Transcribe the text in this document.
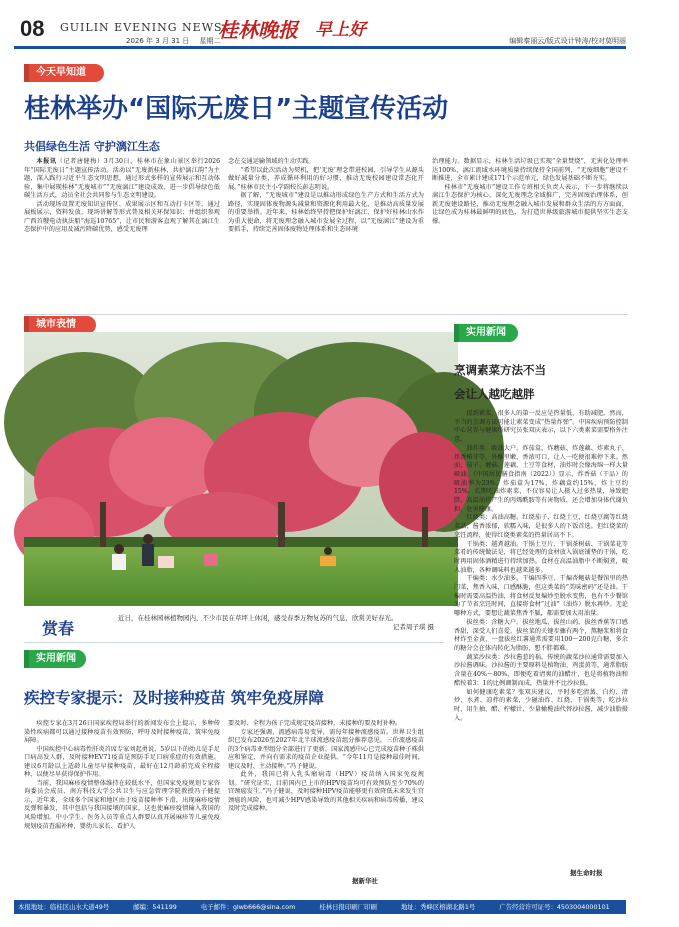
08 GUILIN EVENING NEWS
桂林晚报 早上好
2026 年 3 月 31 日 星期二	编辑秦丽云/版式设计钟涛/校对莫明丽
今天早知道
桂林举办“国际无废日”主题宣传活动
共倡绿色生活 守护漓江生态

本报讯（记者唐健梅）3月30日，桂林市在象山景区举行2026年“国际无废日”主题宣传活动。活动以“无废新桂林，共护漓江韵”为主题，深入践行习近平生态文明思想，通过形式多样的宣传展示和互动体验，集中展现桂林“无废城市”“无废漓江”建设成效，进一步倡导绿色低碳生活方式，动员全社会共同参与生态文明建设。

活动现场设置无废知识宣传区、成果展示区和互动打卡区等，通过展板展示、资料发放、现场讲解等形式普及相关环保知识；并组织参观广西首艘电动执法船“海巡10765”，让市民和游客直观了解其在漓江生态保护中的应用及减污降碳优势，感受无废理

念在交通运输领域的生动实践。

“希望以此次活动为契机，把‘无废’理念带进校园，引导学生从源头做好减量分类，养成循环利用的好习惯，推动无废校园建设常态化开展。”桂林市民主小学副校长彭志明说。

据了解，“无废城市”建设是以推动形成绿色生产方式和生活方式为路径，实现固体废物源头减量和资源化利用最大化，是推动高质量发展的重要举措。近年来，桂林始终坚持把保护好漓江、保护好桂林山水作为重大使命，将无废理念融入城市发展全过程，以“无废漓江”建设为重要抓手，持续完善固体废物处理体系和生态环境

治理能力。数据显示，桂林生活垃圾已实现“全量焚烧”，无害化处理率达100%，漓江流域水环境质量持续保持全国前列，“无废细胞”建设不断推进，全市累计建成171个示范单元，绿色发展基础不断夯实。

桂林市“无废城市”建设工作专班相关负责人表示，下一步将继续以漓江生态保护为核心，深化无废理念全域推广，完善固废治理体系，创新无废建设路径，推动无废理念融入城市发展和群众生活的方方面面，让绿色成为桂林最鲜明的底色，为打造世界级旅游城市提供坚实生态支撑。

城市表情
赏春
近日，在桂林园林植物园内，不少市民在草坪上休闲，感受春季万物复苏的气息，欣赏美好春光。
记者周子琪 摄
实用新闻
烹调素菜方法不当
会让人越吃越胖

提到素菜，很多人的第一反应是热量低，有助减肥。然而，不当的烹调方法可能让素菜变成“热量炸弹”。中国疾病预防控制中心营养与健康所研究员张双庆表示，以下六类素菜需要格外注意。

油炸类：吸油大户。炸茄盒、炸蘑菇、炸莲藕、炸素丸子、炸香椿芽等，外酥里嫩、香浓可口，让人一吃便很难停下来。然而，茄子、蘑菇、莲藕、土豆等食材，油炸时会像海绵一样大量吸油。《中国居民膳食指南（2022）》显示，炸香菇（干品）的吸油率为23%，炸茄盒为17%，炸藕盒约15%，炸土豆约15%。长期吃油炸素菜，不仅容易让人摄入过多热量，导致肥胖，高温油炸产生的丙烯酰胺等有害物质，还会增加身体代谢负担，危害健康。

红烧类：高油高糖。红烧茄子、红烧土豆、红烧豆腐等红烧菜品，酱香浓郁，软糯入味，是很多人的下饭首选。但红烧菜的烹饪流程，使得红烧类素菜的热量居高不下。

干锅类：越煮越油。干锅土豆片、干锅茶树菇、干锅菜花等菜肴的传统做法是，将已经处理的食材放入锅底铺垫的干锅，吃时再用固体酒精进行持续加热。食材在高温油脂中不断焖煮，吸入油脂，各种调味料也越来越多。

干煸类：水少油多。干煸四季豆、干煸杏鲍菇是餐馆里的热门菜，焦香入味，口感酥脆，但这类菜的“美味密码”还是油。干煸时需要高温热油，将食材反复煸炒至脱水变焦，也有不少餐馆为了节省烹饪时间，直接将食材“过油”（油炸）脱水再炒。无论哪种方式，要想让蔬菜焦香不腻，都需要加大用油量。

拔丝类：含糖大户。拔丝地瓜、拔丝山药、拔丝香蕉等口感香甜，深受人们喜爱。拔丝菜的关键步骤有两个，熬糖浆和将食材炸至金黄，一盘拔丝红薯通常需要用100～200克白糖，多余的糖分会在体内转化为脂肪，想不胖都难。

蔬菜沙拉类：沙拉酱惹的祸。传统的蔬菜沙拉通常需要加入沙拉酱调味。沙拉酱的主要原料是植物油、鸡蛋黄等，通常脂肪含量在40%～80%，即便吃着清爽的油醋汁，也是将植物油和醋按着3：1的比例调制而成，热量并不比沙拉低。

如何健康吃素菜？张双庆建议，平时多吃清蒸、白灼、清炒、水煮、凉拌的素菜，少碰油炸、红烧、干锅类等，吃沙拉时，用生抽、醋、柠檬汁、少量橄榄油代替沙拉酱，减少油脂摄入。

据生命时报
实用新闻
疾控专家提示：及时接种疫苗 筑牢免疫屏障

疾控专家在3月26日国家疾控局举行的新闻发布会上提示，多种传染性疾病都可以通过接种疫苗有效预防，呼吁及时接种疫苗，筑牢免疫屏障。

中国疾控中心病毒性肝炎首席专家刘起勇说，5岁以下的幼儿是手足口病高发人群，及时接种EV71疫苗是预防手足口病重症的有效措施。建议6月龄以上适龄儿童尽早接种疫苗，最好在12月龄前完成全程接种，以便尽早获得保护作用。

当前，我国麻疹疫情整体维持在较低水平，但国家免疫规划专家咨询委员会成员、南方科技大学公共卫生与应急管理学院教授冯子健提示，近年来，全球多个国家和地区由于疫苗接种率下滑，出现麻疹疫情反弹和暴发，其中包括与我国接壤的国家，这也使麻疹疫情输入我国的风险增加。中小学生、医务人员等重点人群要认真开展麻疹等儿童免疫规划疫苗查漏补种，婴幼儿家长、看护人

要及时、全程为孩子完成规定疫苗接种，未接种的要及时补种。

专家还强调，流感病毒易变异，需每年接种流感疫苗。世界卫生组织已发布2026至2027年北半球流感疫苗组分推荐意见，三价流感疫苗的3个病毒亚型组分全部进行了更新。国家流感中心已完成疫苗种子株供应和鉴定，并向有需求的疫苗企业提供。“今年11月是接种最佳时间，建议及时、主动接种。”冯子健说。

此外，我国已将人乳头瘤病毒（HPV）疫苗纳入国家免疫规划。“研究证实，目前国内已上市的HPV疫苗均可有效预防至少70%的宫颈癌发生。”冯子健说，及时接种HPV疫苗能够更有效降低未来发生宫颈癌的风险，也可减少HPV感染导致的其他相关疾病和病毒传播，建议及时完成接种。

据新华社
本报地址：临桂区山水大道49号	邮编：541199	电子邮件：glwb666@sina.com	桂林日报印刷厂印刷	地址：秀峰区榕湖北路1号	广告经营许可证号：4503004000101	每份1元
